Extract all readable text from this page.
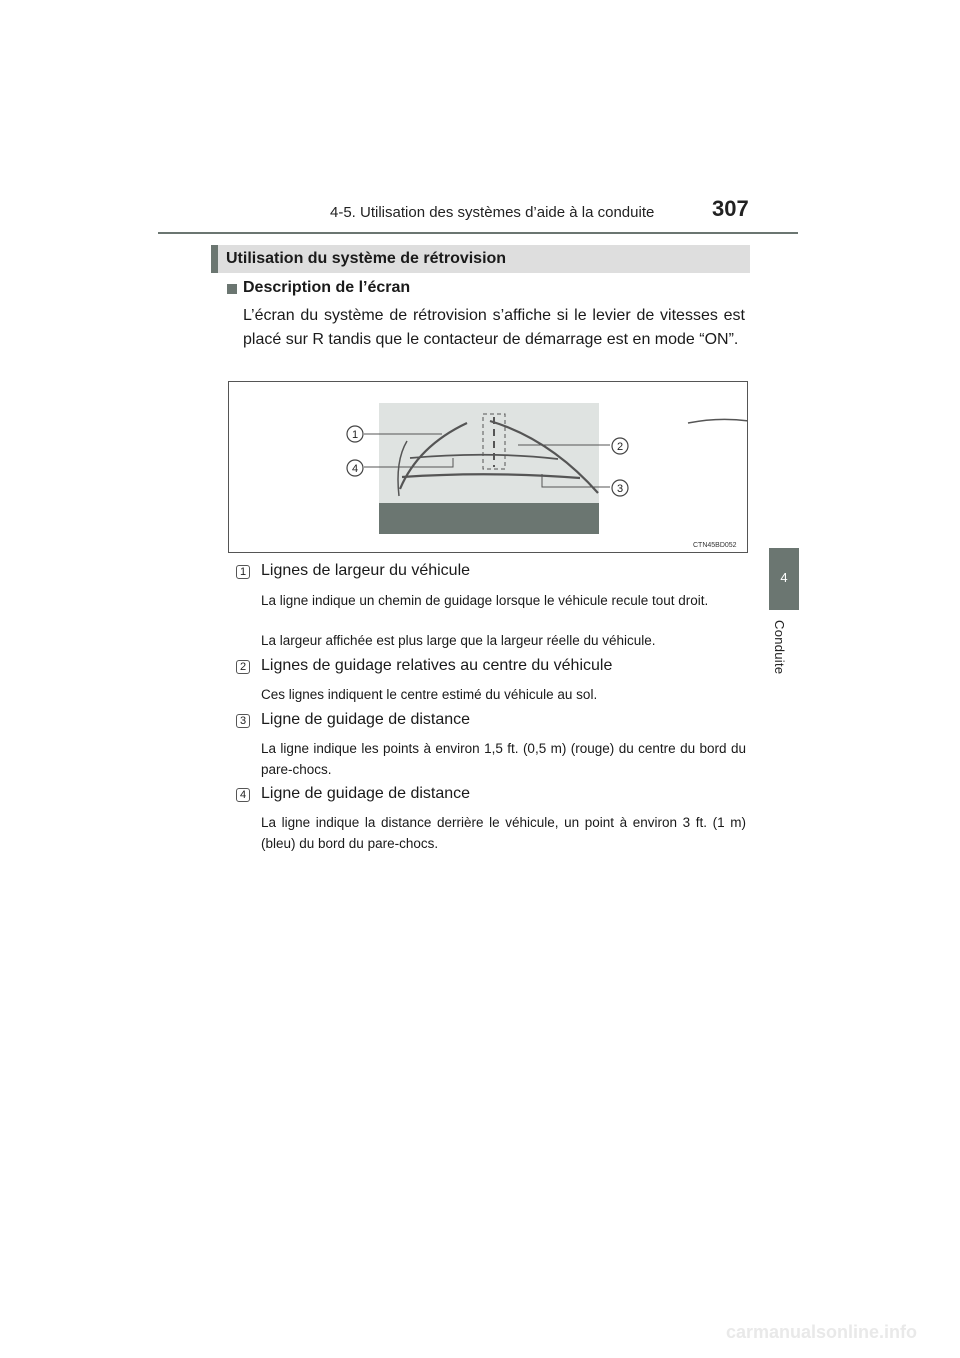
4-5. Utilisation des systèmes d’aide à la conduite	307
4
Conduite
Utilisation du système de rétrovision
Description de l’écran
L’écran du système de rétrovision s’affiche si le levier de vitesses est placé sur R tandis que le contacteur de démarrage est en mode “ON”.
1
2
3
4
CTN45BD052
1 Lignes de largeur du véhicule
La ligne indique un chemin de guidage lorsque le véhicule recule tout droit.
La largeur affichée est plus large que la largeur réelle du véhicule.
2 Lignes de guidage relatives au centre du véhicule
Ces lignes indiquent le centre estimé du véhicule au sol.
3 Ligne de guidage de distance
La ligne indique les points à environ 1,5 ft. (0,5 m) (rouge) du centre du bord du pare-chocs.
4 Ligne de guidage de distance
La ligne indique la distance derrière le véhicule, un point à environ 3 ft. (1 m) (bleu) du bord du pare-chocs.
carmanualsonline.info
